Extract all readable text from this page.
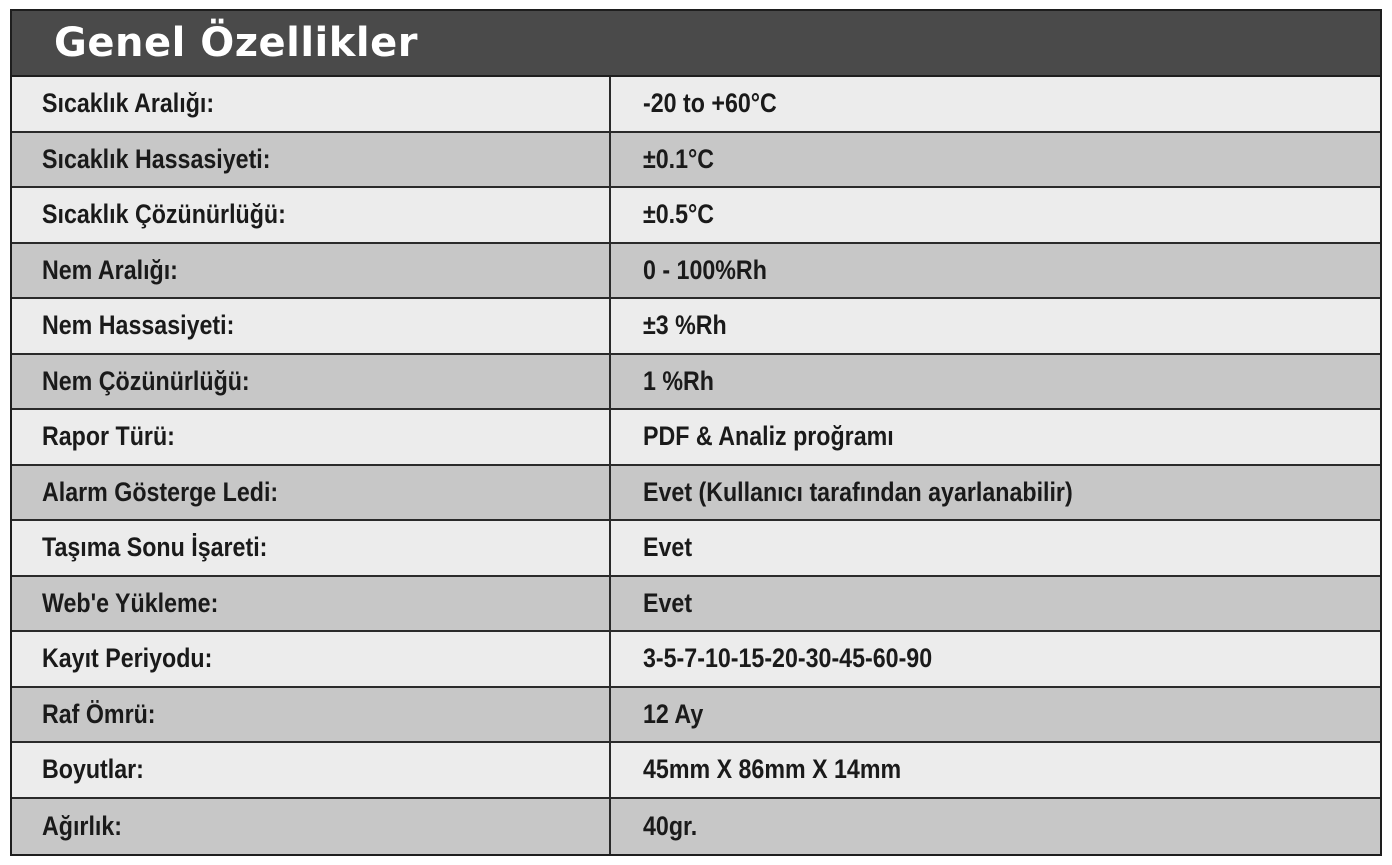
Genel Özellikler
Sıcaklık Aralığı:	-20 to +60°C
Sıcaklık Hassasiyeti:	±0.1°C
Sıcaklık Çözünürlüğü:	±0.5°C
Nem Aralığı:	0 - 100%Rh
Nem Hassasiyeti:	±3 %Rh
Nem Çözünürlüğü:	1 %Rh
Rapor Türü:	PDF & Analiz proğramı
Alarm Gösterge Ledi:	Evet (Kullanıcı tarafından ayarlanabilir)
Taşıma Sonu İşareti:	Evet
Web'e Yükleme:	Evet
Kayıt Periyodu:	3-5-7-10-15-20-30-45-60-90
Raf Ömrü:	12 Ay
Boyutlar:	45mm X 86mm X 14mm
Ağırlık:	40gr.
